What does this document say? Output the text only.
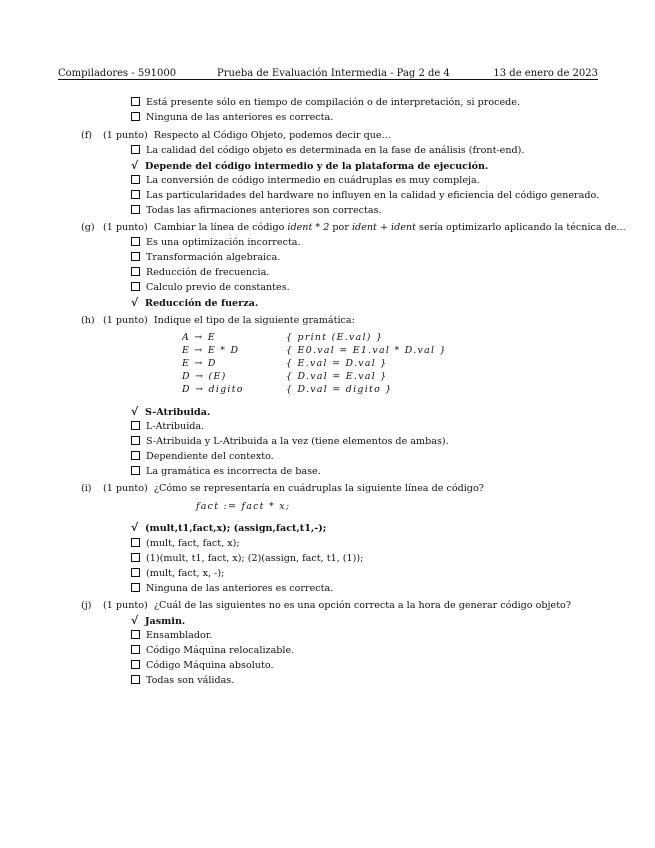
Compiladores - 591000	Prueba de Evaluación Intermedia - Pag 2 de 4	13 de enero de 2023
Está presente sólo en tiempo de compilación o de interpretación, si procede.
Ninguna de las anteriores es correcta.
(f) (1 punto) Respecto al Código Objeto, podemos decir que...
La calidad del código objeto es determinada en la fase de análisis (front-end).
√ Depende del código intermedio y de la plataforma de ejecución.
La conversión de código intermedio en cuádruplas es muy compleja.
Las particularidades del hardware no influyen en la calidad y eficiencia del código generado.
Todas las afirmaciones anteriores son correctas.
(g) (1 punto) Cambiar la línea de código ident * 2 por ident + ident sería optimizarlo aplicando la técnica de...
Es una optimización incorrecta.
Transformación algebraica.
Reducción de frecuencia.
Calculo previo de constantes.
√ Reducción de fuerza.
(h) (1 punto) Indique el tipo de la siguiente gramática:
A → E	{ print (E.val) }
E → E * D	{ E0.val = E1.val * D.val }
E → D	{ E.val = D.val }
D → (E)	{ D.val = E.val }
D → digito	{ D.val = digito }
√ S-Atribuida.
L-Atribuida.
S-Atribuida y L-Atribuida a la vez (tiene elementos de ambas).
Dependiente del contexto.
La gramática es incorrecta de base.
(i) (1 punto) ¿Cómo se representaría en cuádruplas la siguiente línea de código?
fact := fact * x;
√ (mult,t1,fact,x); (assign,fact,t1,-);
(mult, fact, fact, x);
(1)(mult, t1, fact, x); (2)(assign, fact, t1, (1));
(mult, fact, x, -);
Ninguna de las anteriores es correcta.
(j) (1 punto) ¿Cuál de las siguientes no es una opción correcta a la hora de generar código objeto?
√ Jasmin.
Ensamblador.
Código Máquina relocalizable.
Código Máquina absoluto.
Todas son válidas.
